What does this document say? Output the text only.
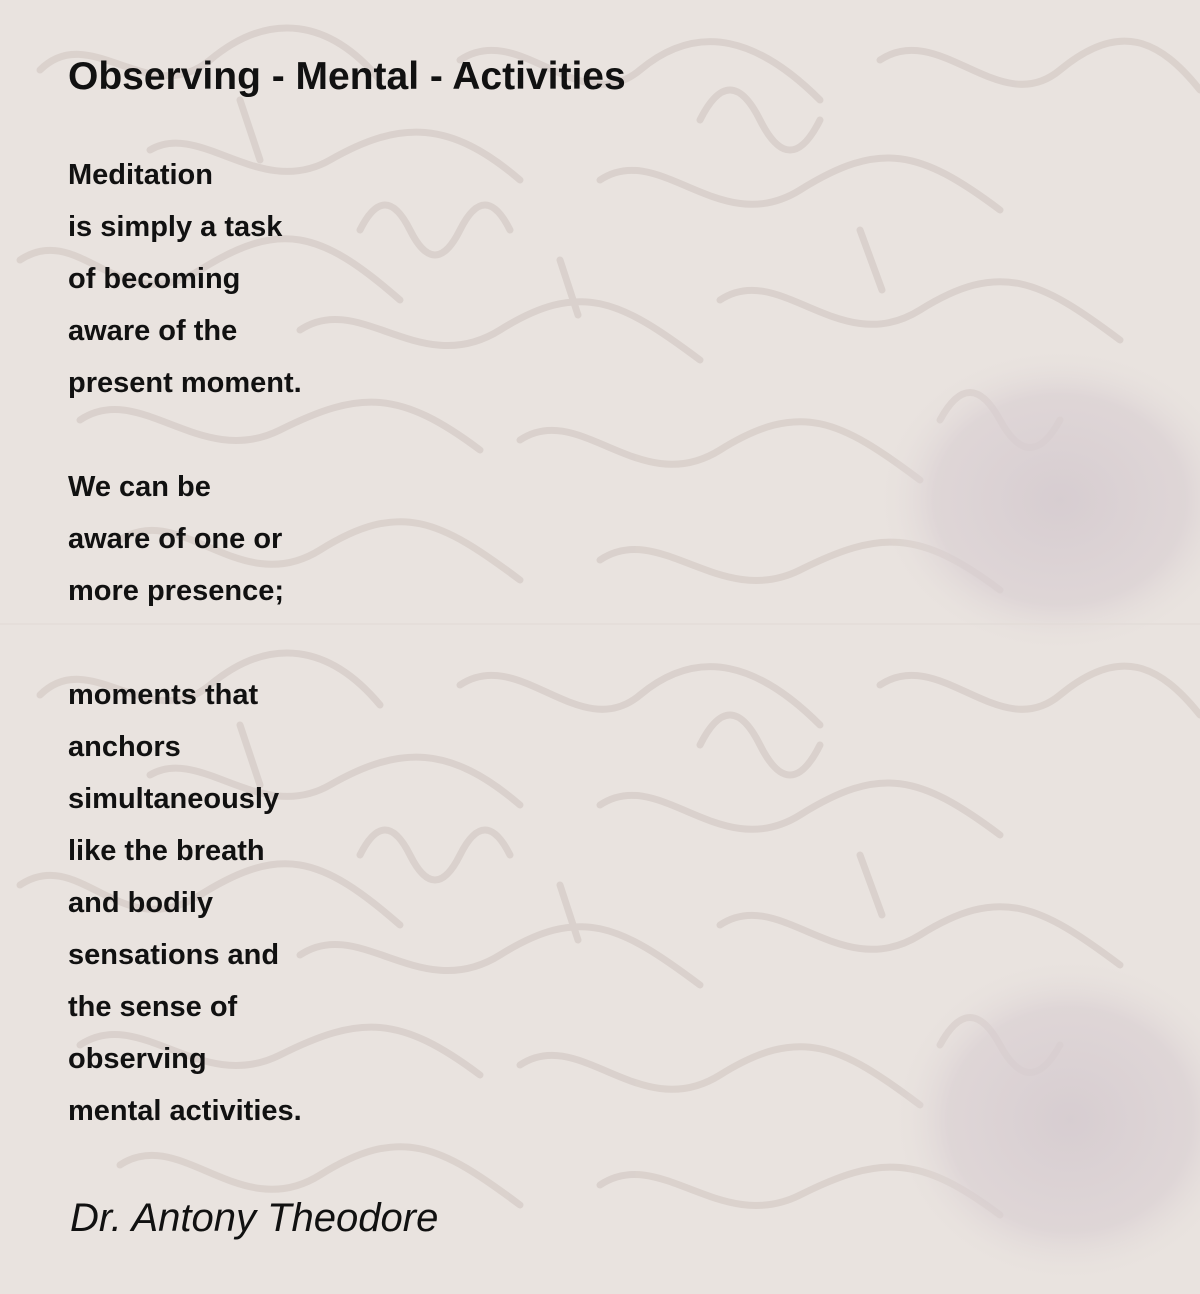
Observing - Mental - Activities
Meditation
is simply a task
of becoming
aware of the
present moment.
We can be
aware of one or
more presence;
moments that
anchors
simultaneously
like the breath
and bodily
sensations and
the sense of
observing
mental activities.

Dr. Antony Theodore
